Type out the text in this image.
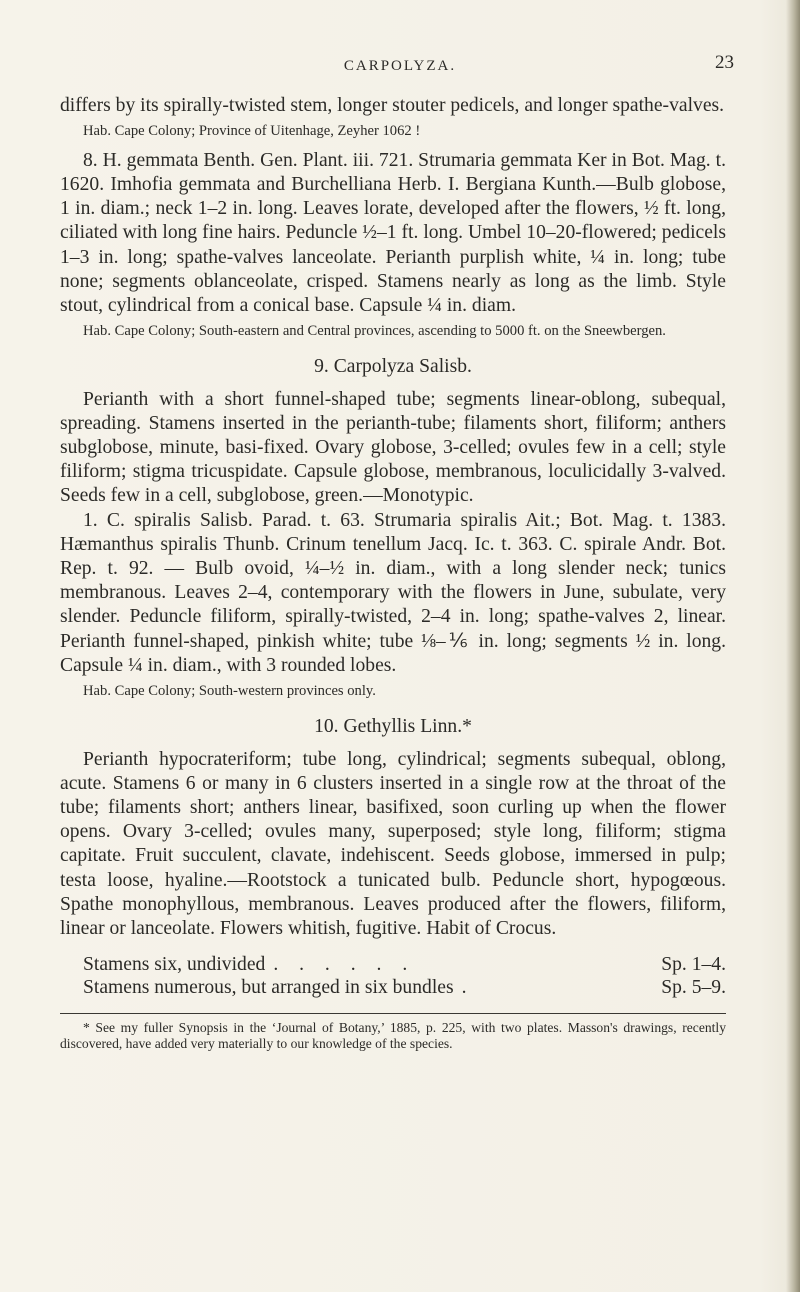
CARPOLYZA.	23

differs by its spirally-twisted stem, longer stouter pedicels, and longer spathe-valves.

Hab. Cape Colony; Province of Uitenhage, Zeyher 1062 !

8. H. gemmata Benth. Gen. Plant. iii. 721. Strumaria gemmata Ker in Bot. Mag. t. 1620. Imhofia gemmata and Burchelliana Herb. I. Bergiana Kunth.—Bulb globose, 1 in. diam.; neck 1–2 in. long. Leaves lorate, developed after the flowers, ½ ft. long, ciliated with long fine hairs. Peduncle ½–1 ft. long. Umbel 10–20-flowered; pedicels 1–3 in. long; spathe-valves lanceolate. Perianth purplish white, ¼ in. long; tube none; segments oblanceolate, crisped. Stamens nearly as long as the limb. Style stout, cylindrical from a conical base. Capsule ¼ in. diam.

Hab. Cape Colony; South-eastern and Central provinces, ascending to 5000 ft. on the Sneewbergen.

9. Carpolyza Salisb.

Perianth with a short funnel-shaped tube; segments linear-oblong, subequal, spreading. Stamens inserted in the perianth-tube; filaments short, filiform; anthers subglobose, minute, basi-fixed. Ovary globose, 3-celled; ovules few in a cell; style filiform; stigma tricuspidate. Capsule globose, membranous, loculicidally 3-valved. Seeds few in a cell, subglobose, green.—Monotypic.

1. C. spiralis Salisb. Parad. t. 63. Strumaria spiralis Ait.; Bot. Mag. t. 1383. Hæmanthus spiralis Thunb. Crinum tenellum Jacq. Ic. t. 363. C. spirale Andr. Bot. Rep. t. 92. — Bulb ovoid, ¼–½ in. diam., with a long slender neck; tunics membranous. Leaves 2–4, contemporary with the flowers in June, subulate, very slender. Peduncle filiform, spirally-twisted, 2–4 in. long; spathe-valves 2, linear. Perianth funnel-shaped, pinkish white; tube ⅛–⅙ in. long; segments ½ in. long. Capsule ¼ in. diam., with 3 rounded lobes.

Hab. Cape Colony; South-western provinces only.

10. Gethyllis Linn.*

Perianth hypocrateriform; tube long, cylindrical; segments subequal, oblong, acute. Stamens 6 or many in 6 clusters inserted in a single row at the throat of the tube; filaments short; anthers linear, basifixed, soon curling up when the flower opens. Ovary 3-celled; ovules many, superposed; style long, filiform; stigma capitate. Fruit succulent, clavate, indehiscent. Seeds globose, immersed in pulp; testa loose, hyaline.—Rootstock a tunicated bulb. Peduncle short, hypogœous. Spathe monophyllous, membranous. Leaves produced after the flowers, filiform, linear or lanceolate. Flowers whitish, fugitive. Habit of Crocus.

Stamens six, undivided . . . . . .	Sp. 1–4.
Stamens numerous, but arranged in six bundles .	Sp. 5–9.

* See my fuller Synopsis in the ‘Journal of Botany,’ 1885, p. 225, with two plates. Masson's drawings, recently discovered, have added very materially to our knowledge of the species.
